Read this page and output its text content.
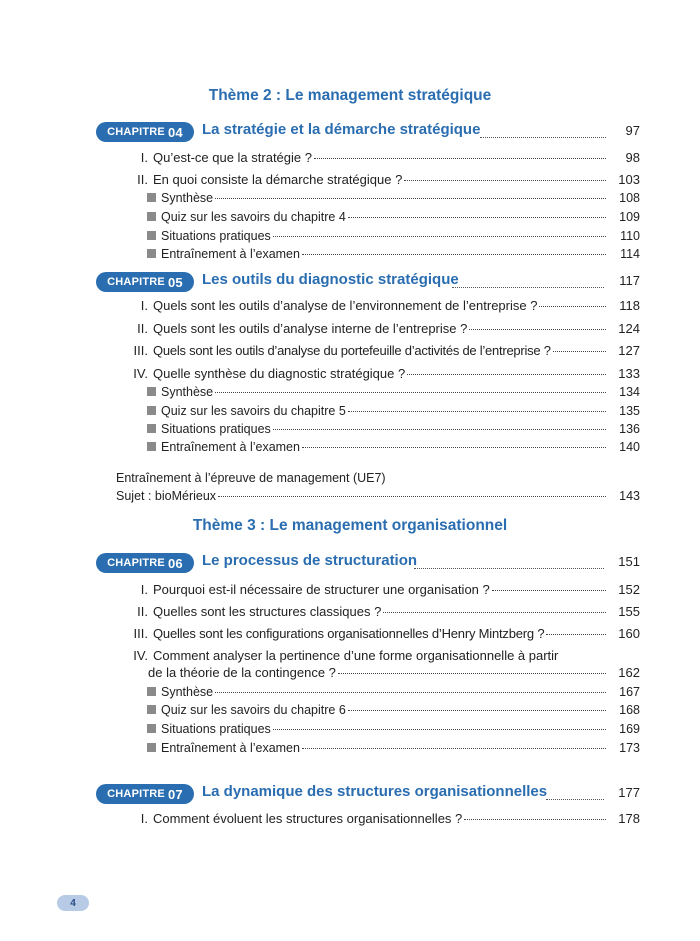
Thème 2 : Le management stratégique
CHAPITRE 04 La stratégie et la démarche stratégique	97
I. Qu’est-ce que la stratégie ?	98
II. En quoi consiste la démarche stratégique ?	103
Synthèse	108
Quiz sur les savoirs du chapitre 4	109
Situations pratiques	110
Entraînement à l’examen	114
CHAPITRE 05 Les outils du diagnostic stratégique	117
I. Quels sont les outils d’analyse de l’environnement de l’entreprise ?	118
II. Quels sont les outils d’analyse interne de l’entreprise ?	124
III. Quels sont les outils d’analyse du portefeuille d’activités de l’entreprise ?	127
IV. Quelle synthèse du diagnostic stratégique ?	133
Synthèse	134
Quiz sur les savoirs du chapitre 5	135
Situations pratiques	136
Entraînement à l’examen	140
Entraînement à l’épreuve de management (UE7)
Sujet : bioMérieux	143
Thème 3 : Le management organisationnel
CHAPITRE 06 Le processus de structuration	151
I. Pourquoi est-il nécessaire de structurer une organisation ?	152
II. Quelles sont les structures classiques ?	155
III. Quelles sont les configurations organisationnelles d’Henry Mintzberg ?	160
IV. Comment analyser la pertinence d’une forme organisationnelle à partir
de la théorie de la contingence ?	162
Synthèse	167
Quiz sur les savoirs du chapitre 6	168
Situations pratiques	169
Entraînement à l’examen	173
CHAPITRE 07 La dynamique des structures organisationnelles	177
I. Comment évoluent les structures organisationnelles ?	178
4
